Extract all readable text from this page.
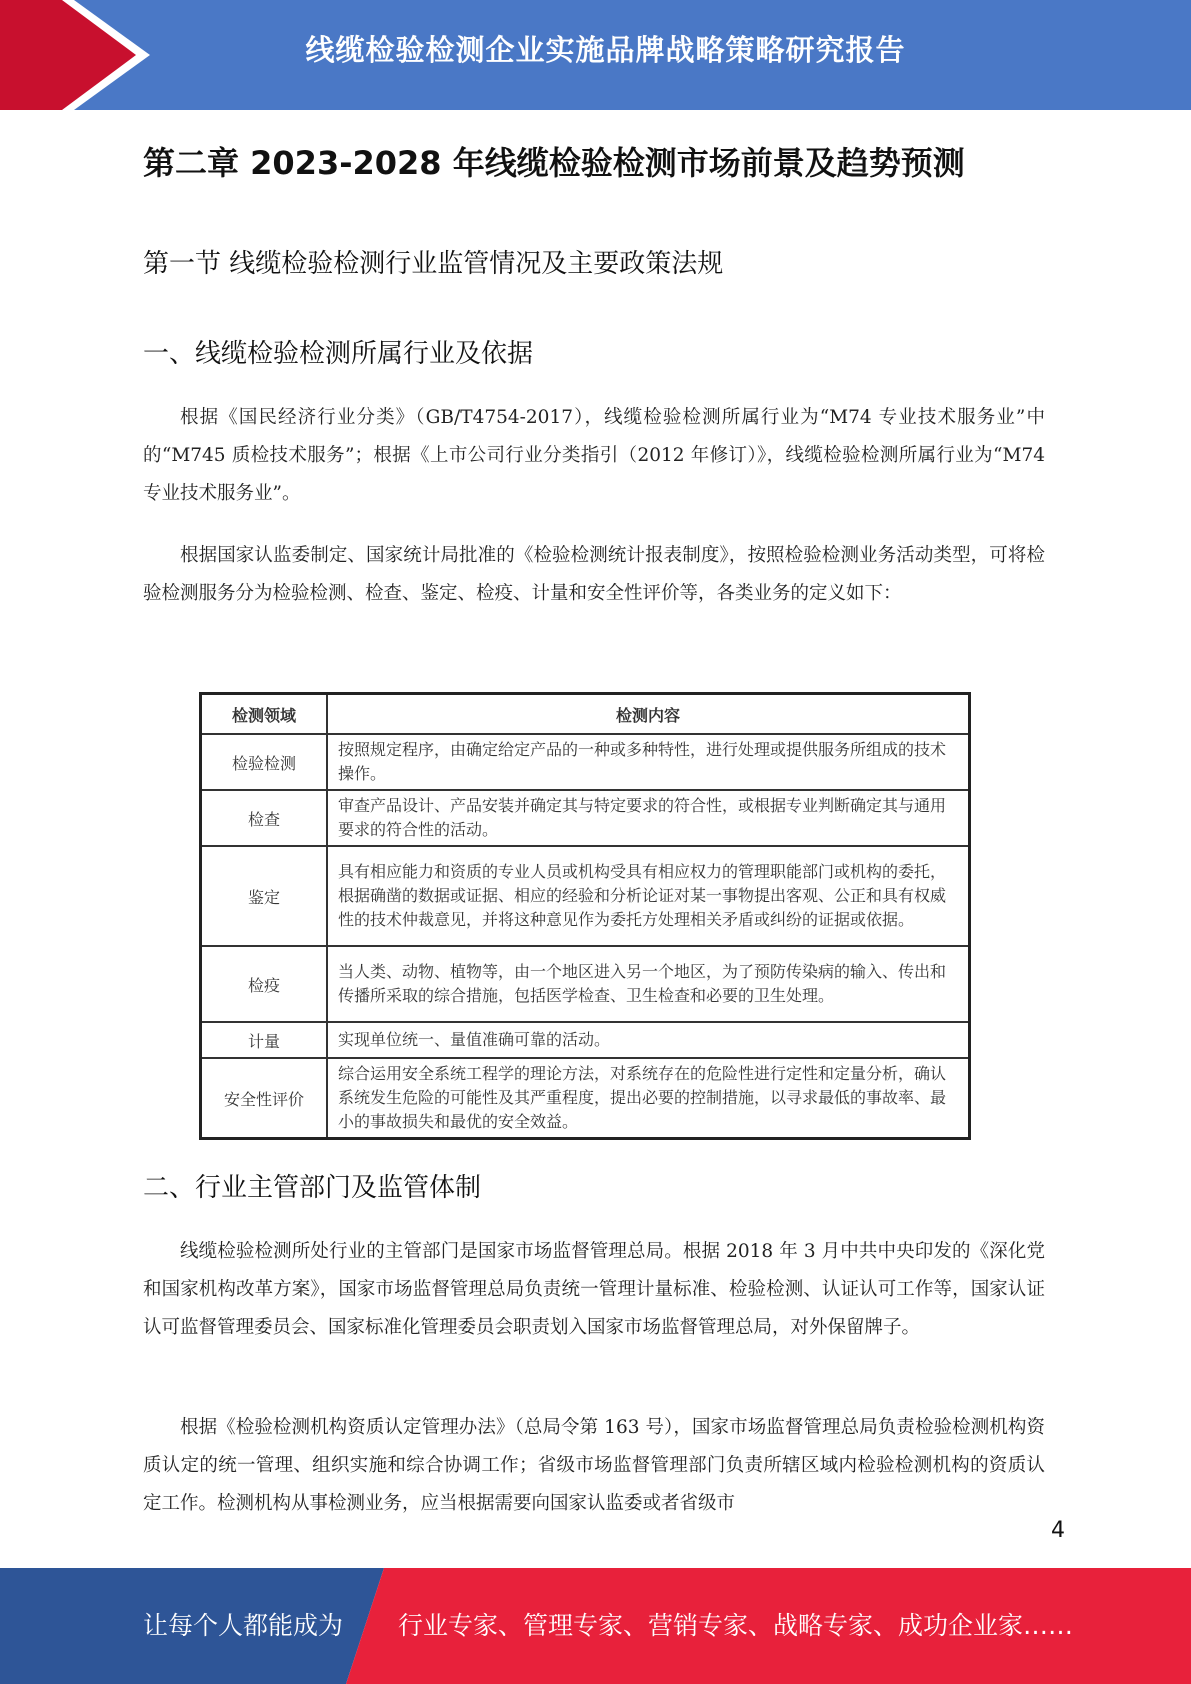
线缆检验检测企业实施品牌战略策略研究报告
第二章 2023-2028 年线缆检验检测市场前景及趋势预测
第一节 线缆检验检测行业监管情况及主要政策法规
一、线缆检验检测所属行业及依据

根据《国民经济行业分类》（GB/T4754-2017），线缆检验检测所属行业为“M74 专业技术服务业”中的“M745 质检技术服务”；根据《上市公司行业分类指引（2012 年修订）》，线缆检验检测所属行业为“M74 专业技术服务业”。

根据国家认监委制定、国家统计局批准的《检验检测统计报表制度》，按照检验检测业务活动类型，可将检验检测服务分为检验检测、检查、鉴定、检疫、计量和安全性评价等，各类业务的定义如下：

检测领域	检测内容
检验检测	按照规定程序，由确定给定产品的一种或多种特性，进行处理或提供服务所组成的技术操作。
检查	审查产品设计、产品安装并确定其与特定要求的符合性，或根据专业判断确定其与通用要求的符合性的活动。
鉴定	具有相应能力和资质的专业人员或机构受具有相应权力的管理职能部门或机构的委托，根据确凿的数据或证据、相应的经验和分析论证对某一事物提出客观、公正和具有权威性的技术仲裁意见，并将这种意见作为委托方处理相关矛盾或纠纷的证据或依据。
检疫	当人类、动物、植物等，由一个地区进入另一个地区，为了预防传染病的输入、传出和传播所采取的综合措施，包括医学检查、卫生检查和必要的卫生处理。
计量	实现单位统一、量值准确可靠的活动。
安全性评价	综合运用安全系统工程学的理论方法，对系统存在的危险性进行定性和定量分析，确认系统发生危险的可能性及其严重程度，提出必要的控制措施，以寻求最低的事故率、最小的事故损失和最优的安全效益。
二、行业主管部门及监管体制

线缆检验检测所处行业的主管部门是国家市场监督管理总局。根据 2018 年 3 月中共中央印发的《深化党和国家机构改革方案》，国家市场监督管理总局负责统一管理计量标准、检验检测、认证认可工作等，国家认证认可监督管理委员会、国家标准化管理委员会职责划入国家市场监督管理总局，对外保留牌子。

根据《检验检测机构资质认定管理办法》（总局令第 163 号），国家市场监督管理总局负责检验检测机构资质认定的统一管理、组织实施和综合协调工作；省级市场监督管理部门负责所辖区域内检验检测机构的资质认定工作。检测机构从事检测业务，应当根据需要向国家认监委或者省级市

4
让每个人都能成为 行业专家、管理专家、营销专家、战略专家、成功企业家……
